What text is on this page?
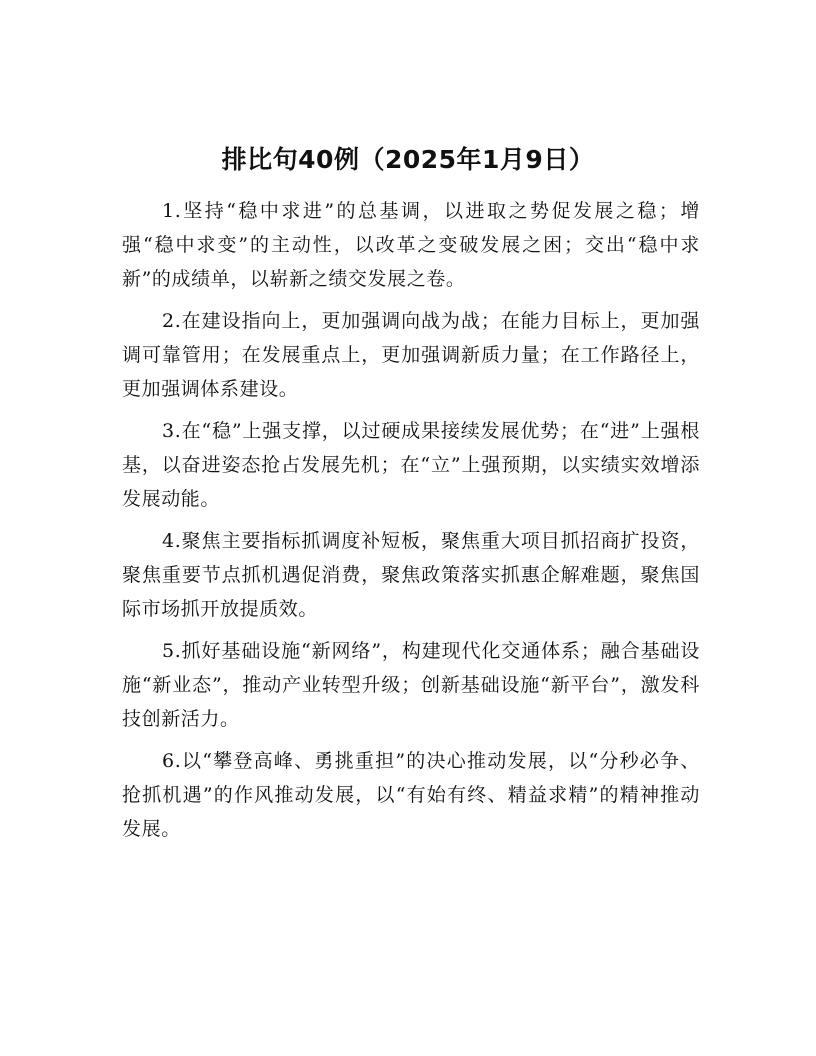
排比句40例（2025年1月9日）

1.坚持“稳中求进”的总基调，以进取之势促发展之稳；增强“稳中求变”的主动性，以改革之变破发展之困；交出“稳中求新”的成绩单，以崭新之绩交发展之卷。

2.在建设指向上，更加强调向战为战；在能力目标上，更加强调可靠管用；在发展重点上，更加强调新质力量；在工作路径上，更加强调体系建设。

3.在“稳”上强支撑，以过硬成果接续发展优势；在“进”上强根基，以奋进姿态抢占发展先机；在“立”上强预期，以实绩实效增添发展动能。

4.聚焦主要指标抓调度补短板，聚焦重大项目抓招商扩投资，聚焦重要节点抓机遇促消费，聚焦政策落实抓惠企解难题，聚焦国际市场抓开放提质效。

5.抓好基础设施“新网络”，构建现代化交通体系；融合基础设施“新业态”，推动产业转型升级；创新基础设施“新平台”，激发科技创新活力。

6.以“攀登高峰、勇挑重担”的决心推动发展，以“分秒必争、抢抓机遇”的作风推动发展，以“有始有终、精益求精”的精神推动发展。
